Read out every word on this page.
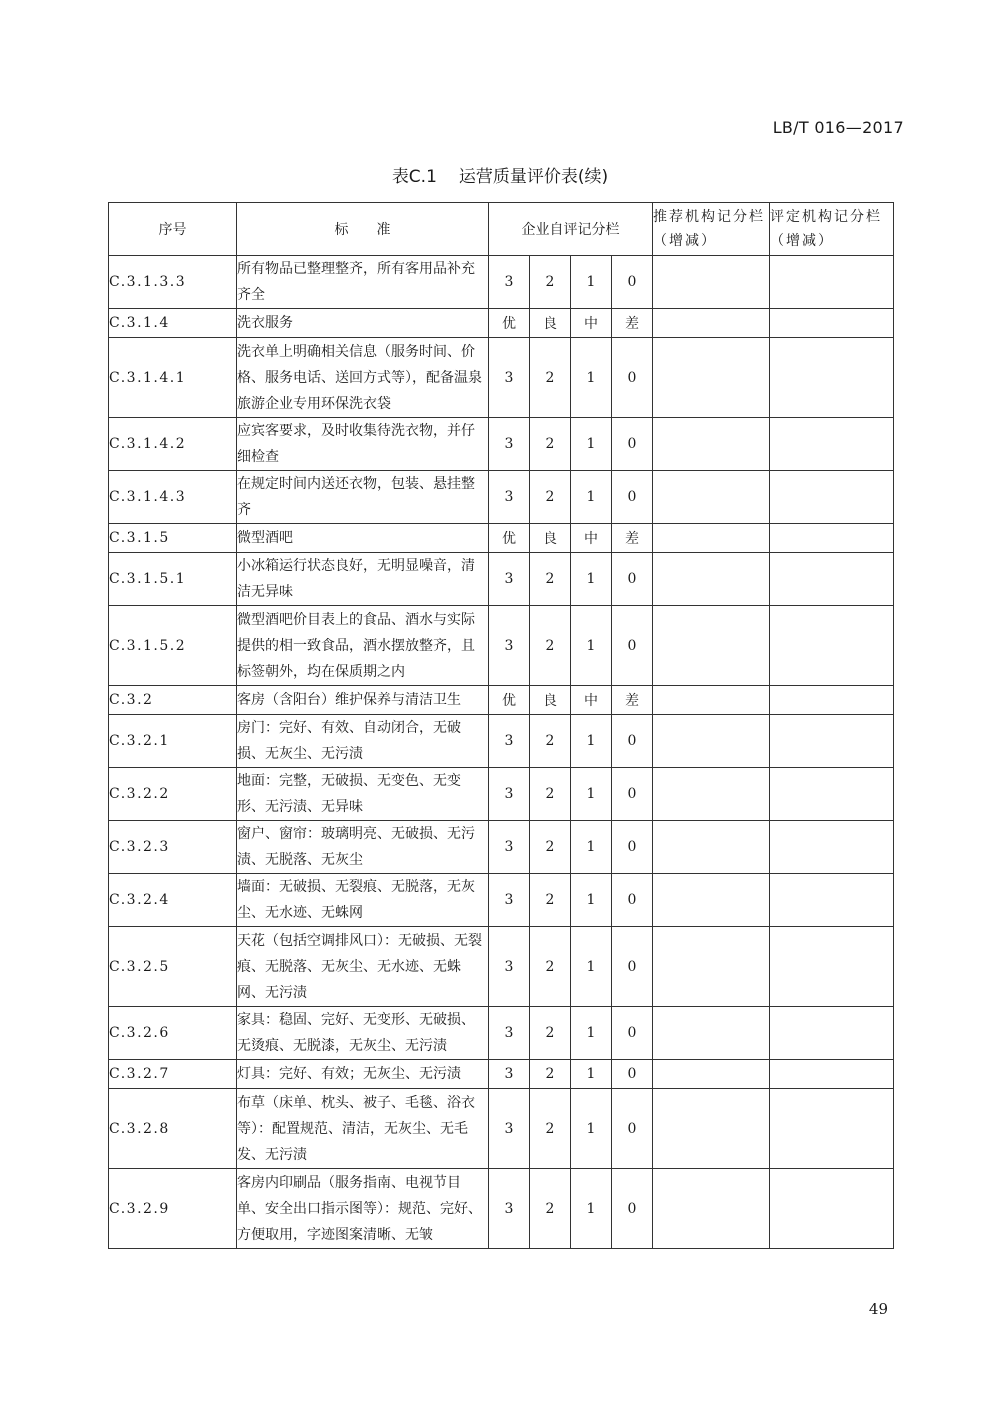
LB/T 016—2017
表C.1 运营质量评价表(续)
序号	标　　准	企业自评记分栏				推荐机构记分栏（增减）	评定机构记分栏（增减）
C.3.1.3.3	所有物品已整理整齐，所有客用品补充齐全	3	2	1	0		
C.3.1.4	洗衣服务	优	良	中	差		
C.3.1.4.1	洗衣单上明确相关信息（服务时间、价格、服务电话、送回方式等），配备温泉旅游企业专用环保洗衣袋	3	2	1	0		
C.3.1.4.2	应宾客要求，及时收集待洗衣物，并仔细检查	3	2	1	0		
C.3.1.4.3	在规定时间内送还衣物，包装、悬挂整齐	3	2	1	0		
C.3.1.5	微型酒吧	优	良	中	差		
C.3.1.5.1	小冰箱运行状态良好，无明显噪音，清洁无异味	3	2	1	0		
C.3.1.5.2	微型酒吧价目表上的食品、酒水与实际提供的相一致食品，酒水摆放整齐，且标签朝外，均在保质期之内	3	2	1	0		
C.3.2	客房（含阳台）维护保养与清洁卫生	优	良	中	差		
C.3.2.1	房门：完好、有效、自动闭合，无破损、无灰尘、无污渍	3	2	1	0		
C.3.2.2	地面：完整，无破损、无变色、无变形、无污渍、无异味	3	2	1	0		
C.3.2.3	窗户、窗帘：玻璃明亮、无破损、无污渍、无脱落、无灰尘	3	2	1	0		
C.3.2.4	墙面：无破损、无裂痕、无脱落，无灰尘、无水迹、无蛛网	3	2	1	0		
C.3.2.5	天花（包括空调排风口）：无破损、无裂痕、无脱落、无灰尘、无水迹、无蛛网、无污渍	3	2	1	0		
C.3.2.6	家具：稳固、完好、无变形、无破损、无烫痕、无脱漆，无灰尘、无污渍	3	2	1	0		
C.3.2.7	灯具：完好、有效；无灰尘、无污渍	3	2	1	0		
C.3.2.8	布草（床单、枕头、被子、毛毯、浴衣等）：配置规范、清洁，无灰尘、无毛发、无污渍	3	2	1	0		
C.3.2.9	客房内印刷品（服务指南、电视节目单、安全出口指示图等）：规范、完好、方便取用，字迹图案清晰、无皱	3	2	1	0		
49
